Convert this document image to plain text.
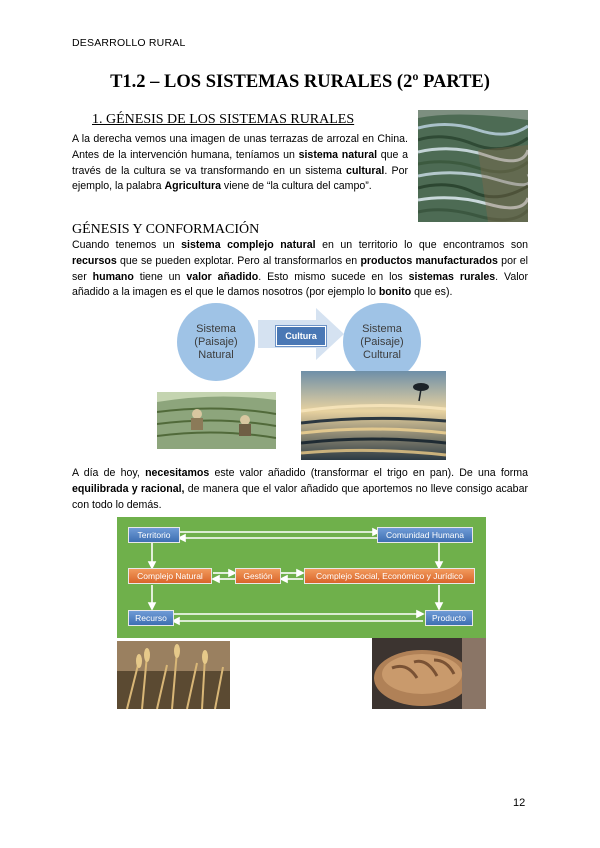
DESARROLLO RURAL
T1.2 – LOS SISTEMAS RURALES (2º PARTE)
1. GÉNESIS DE LOS SISTEMAS RURALES
A la derecha vemos una imagen de unas terrazas de arrozal en China. Antes de la intervención humana, teníamos un sistema natural que a través de la cultura se va transformando en un sistema cultural. Por ejemplo, la palabra Agricultura viene de “la cultura del campo”.
GÉNESIS Y CONFORMACIÓN
Cuando tenemos un sistema complejo natural en un territorio lo que encontramos son recursos que se pueden explotar. Pero al transformarlos en productos manufacturados por el ser humano tiene un valor añadido. Esto mismo sucede en los sistemas rurales. Valor añadido a la imagen es el que le damos nosotros (por ejemplo lo bonito que es).
Sistema
(Paisaje)
Natural
Cultura
Sistema
(Paisaje)
Cultural
A día de hoy, necesitamos este valor añadido (transformar el trigo en pan). De una forma equilibrada y racional, de manera que el valor añadido que aportemos no lleve consigo acabar con todo lo demás.
Territorio	Comunidad Humana
Complejo Natural	Gestión	Complejo Social, Económico y Jurídico
Recurso	Producto
12
